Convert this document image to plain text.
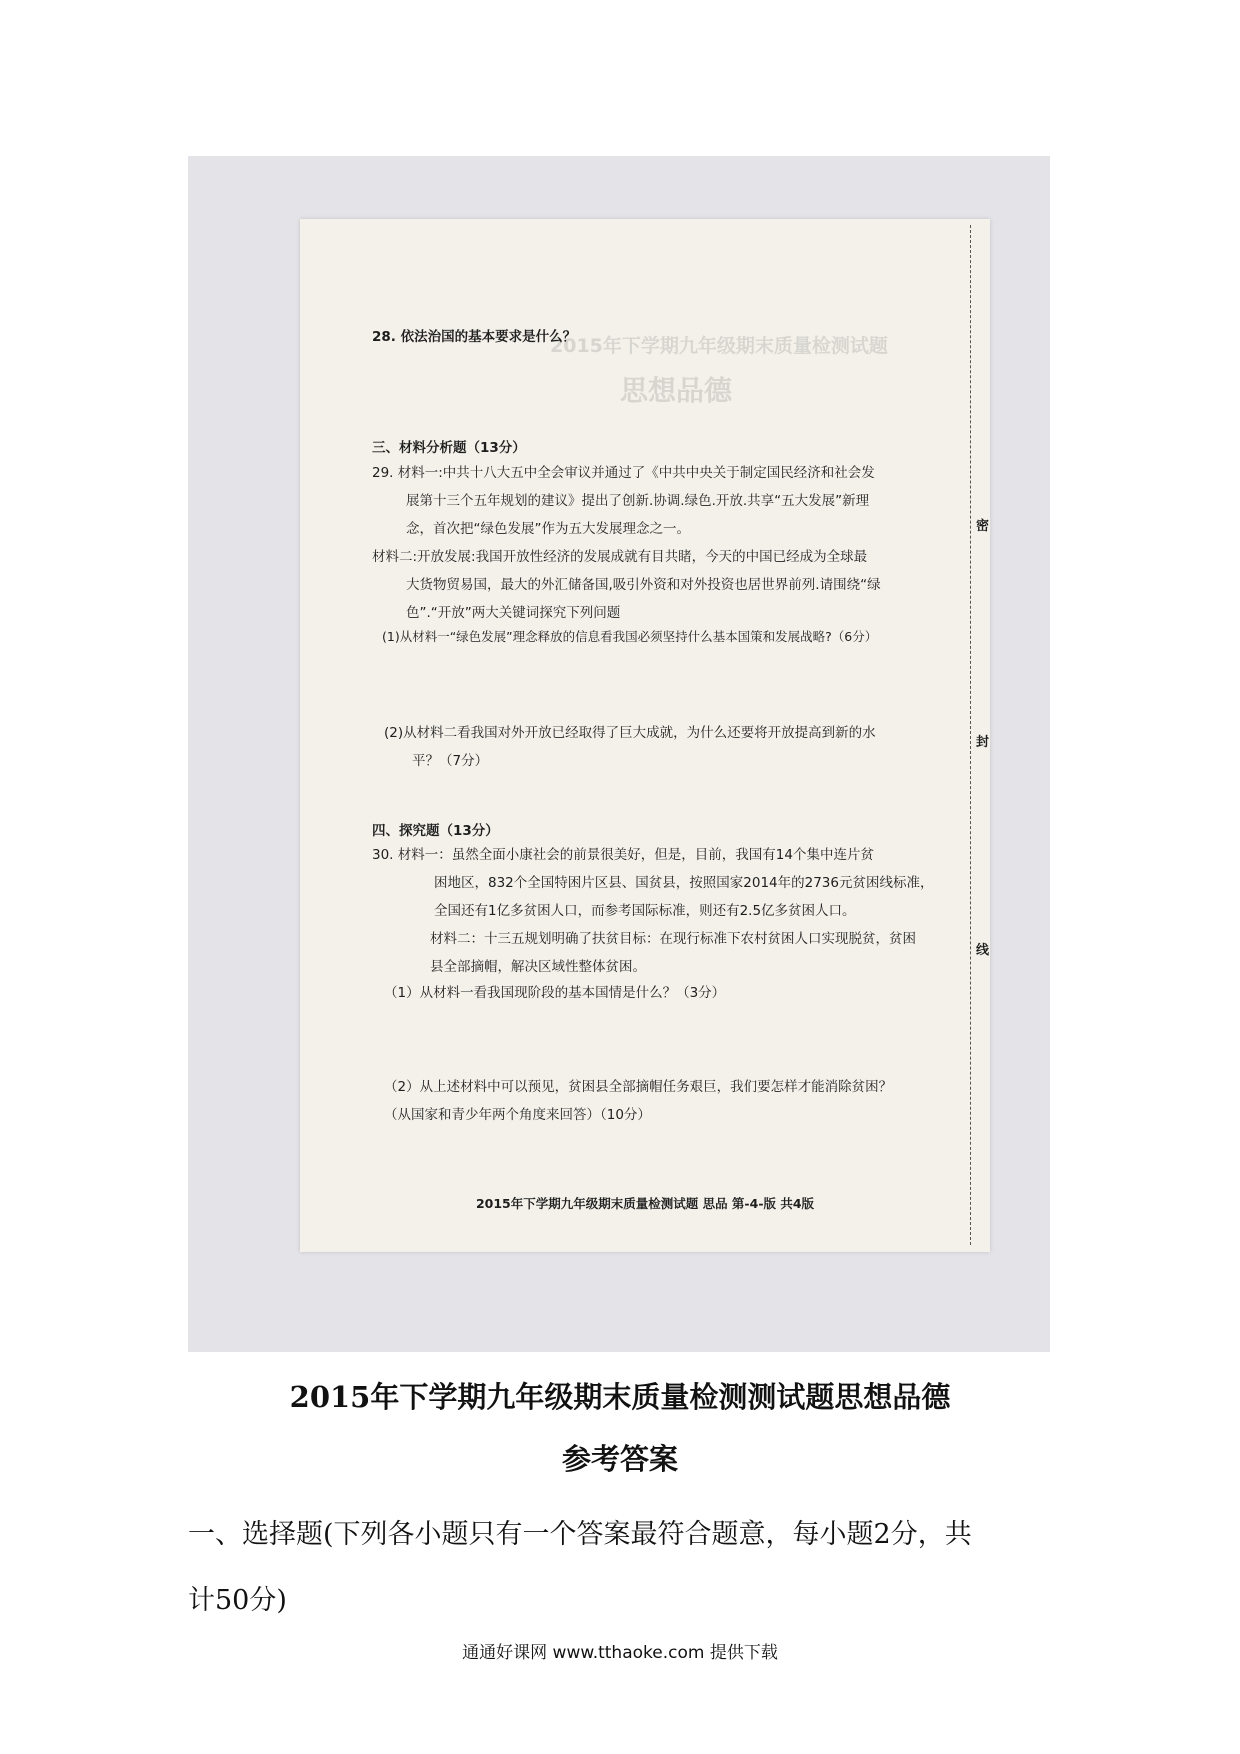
2015年下学期九年级期末质量检测试题
思想品德
密
封
线
28. 依法治国的基本要求是什么？
三、材料分析题（13分）
29. 材料一:中共十八大五中全会审议并通过了《中共中央关于制定国民经济和社会发
展第十三个五年规划的建议》提出了创新.协调.绿色.开放.共享“五大发展”新理
念，首次把“绿色发展”作为五大发展理念之一。
材料二:开放发展:我国开放性经济的发展成就有目共睹，今天的中国已经成为全球最
大货物贸易国，最大的外汇储备国,吸引外资和对外投资也居世界前列.请围绕“绿
色”.“开放”两大关键词探究下列问题
(1)从材料一“绿色发展”理念释放的信息看我国必须坚持什么基本国策和发展战略?（6分）
(2)从材料二看我国对外开放已经取得了巨大成就，为什么还要将开放提高到新的水
平？（7分）
四、探究题（13分）
30. 材料一：虽然全面小康社会的前景很美好，但是，目前，我国有14个集中连片贫
困地区，832个全国特困片区县、国贫县，按照国家2014年的2736元贫困线标准，
全国还有1亿多贫困人口，而参考国际标准，则还有2.5亿多贫困人口。
材料二：十三五规划明确了扶贫目标：在现行标准下农村贫困人口实现脱贫，贫困
县全部摘帽，解决区域性整体贫困。
（1）从材料一看我国现阶段的基本国情是什么？（3分）
（2）从上述材料中可以预见，贫困县全部摘帽任务艰巨，我们要怎样才能消除贫困？
（从国家和青少年两个角度来回答）（10分）
2015年下学期九年级期末质量检测试题 思品 第-4-版 共4版
2015年下学期九年级期末质量检测测试题思想品德
参考答案
一、选择题(下列各小题只有一个答案最符合题意，每小题2分，共
计50分)
通通好课网 www.tthaoke.com 提供下载
